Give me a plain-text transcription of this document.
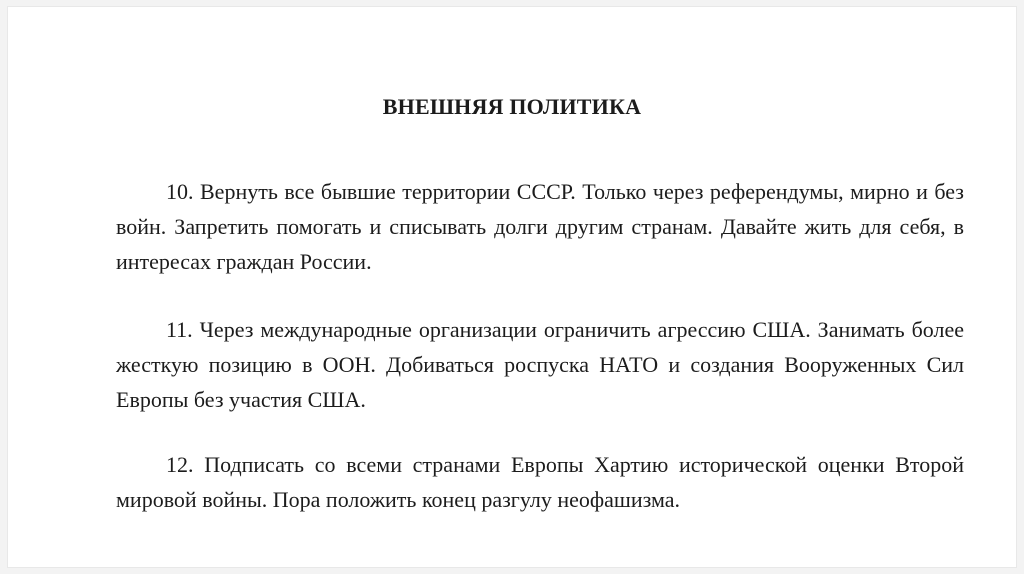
ВНЕШНЯЯ ПОЛИТИКА

10. Вернуть все бывшие территории СССР. Только через референдумы, мирно и без войн. Запретить помогать и списывать долги другим странам. Давайте жить для себя, в интересах граждан России.

11. Через международные организации ограничить агрессию США. Занимать более жесткую позицию в ООН. Добиваться роспуска НАТО и создания Вооруженных Сил Европы без участия США.

12. Подписать со всеми странами Европы Хартию исторической оценки Второй мировой войны. Пора положить конец разгулу неофашизма.
